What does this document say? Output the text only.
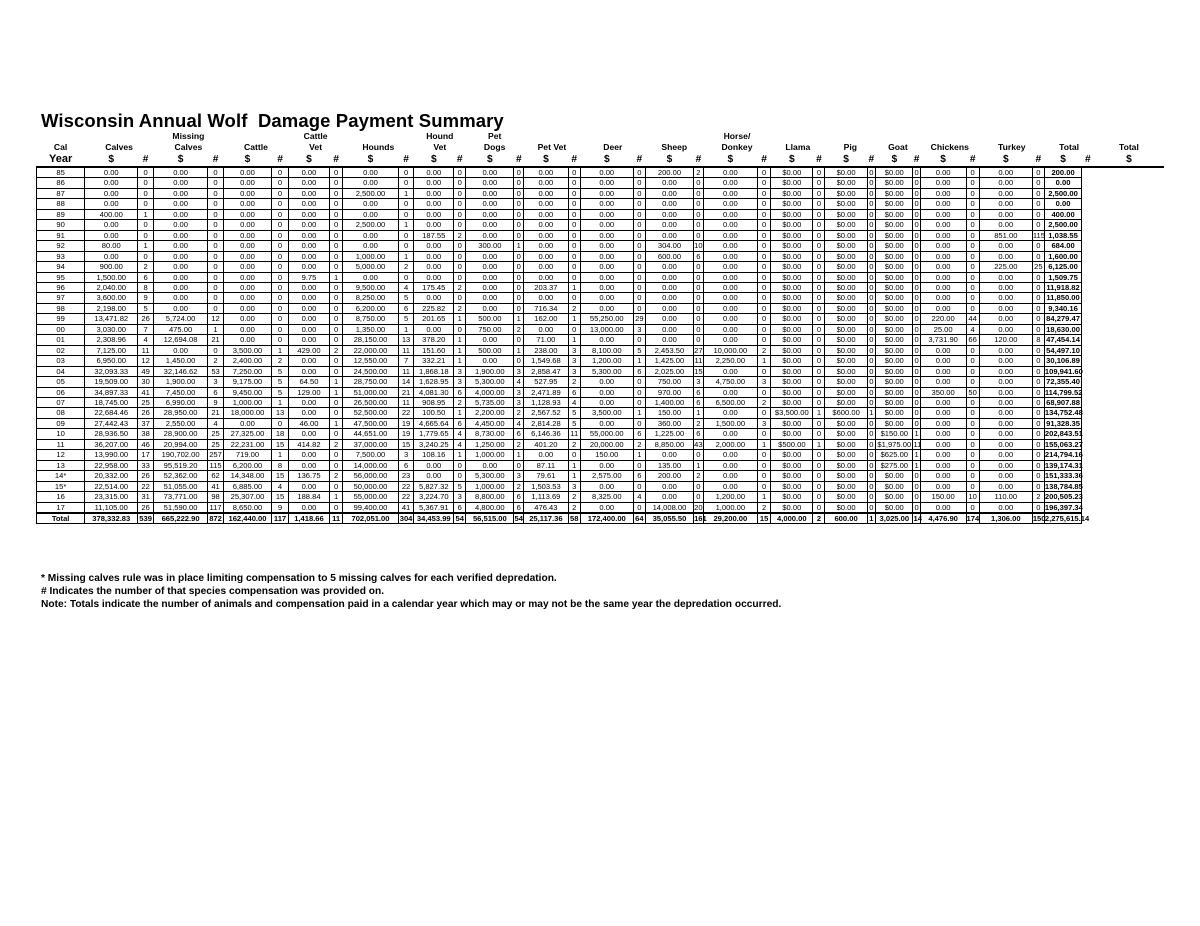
Wisconsin Annual Wolf  Damage Payment Summary
			Missing				Cattle				Hound		Pet								Horse/														
Cal	Calves		Calves		Cattle		Vet		Hounds		Vet		Dogs		Pet Vet		Deer		Sheep		Donkey		Llama		Pig		Goat		Chickens		Turkey		Total		Total
Year	$	#	$	#	$	#	$	#	$	#	$	#	$	#	$	#	$	#	$	#	$	#	$	#	$	#	$	#	$	#	$	#	$	#	$
85	0.00	0	0.00	0	0.00	0	0.00	0	0.00	0	0.00	0	0.00	0	0.00	0	0.00	0	200.00	2	0.00	0	$0.00	0	$0.00	0	$0.00	0	0.00	0	0.00	0	200.00		
86	0.00	0	0.00	0	0.00	0	0.00	0	0.00	0	0.00	0	0.00	0	0.00	0	0.00	0	0.00	0	0.00	0	$0.00	0	$0.00	0	$0.00	0	0.00	0	0.00	0	0.00		
87	0.00	0	0.00	0	0.00	0	0.00	0	2,500.00	1	0.00	0	0.00	0	0.00	0	0.00	0	0.00	0	0.00	0	$0.00	0	$0.00	0	$0.00	0	0.00	0	0.00	0	2,500.00		
88	0.00	0	0.00	0	0.00	0	0.00	0	0.00	0	0.00	0	0.00	0	0.00	0	0.00	0	0.00	0	0.00	0	$0.00	0	$0.00	0	$0.00	0	0.00	0	0.00	0	0.00		
89	400.00	1	0.00	0	0.00	0	0.00	0	0.00	0	0.00	0	0.00	0	0.00	0	0.00	0	0.00	0	0.00	0	$0.00	0	$0.00	0	$0.00	0	0.00	0	0.00	0	400.00		
90	0.00	0	0.00	0	0.00	0	0.00	0	2,500.00	1	0.00	0	0.00	0	0.00	0	0.00	0	0.00	0	0.00	0	$0.00	0	$0.00	0	$0.00	0	0.00	0	0.00	0	2,500.00		
91	0.00	0	0.00	0	0.00	0	0.00	0	0.00	0	187.55	2	0.00	0	0.00	0	0.00	0	0.00	0	0.00	0	$0.00	0	$0.00	0	$0.00	0	0.00	0	851.00	115	1,038.55		
92	80.00	1	0.00	0	0.00	0	0.00	0	0.00	0	0.00	0	300.00	1	0.00	0	0.00	0	304.00	10	0.00	0	$0.00	0	$0.00	0	$0.00	0	0.00	0	0.00	0	684.00		
93	0.00	0	0.00	0	0.00	0	0.00	0	1,000.00	1	0.00	0	0.00	0	0.00	0	0.00	0	600.00	6	0.00	0	$0.00	0	$0.00	0	$0.00	0	0.00	0	0.00	0	1,600.00		
94	900.00	2	0.00	0	0.00	0	0.00	0	5,000.00	2	0.00	0	0.00	0	0.00	0	0.00	0	0.00	0	0.00	0	$0.00	0	$0.00	0	$0.00	0	0.00	0	225.00	25	6,125.00		
95	1,500.00	6	0.00	0	0.00	0	9.75	1	0.00	0	0.00	0	0.00	0	0.00	0	0.00	0	0.00	0	0.00	0	$0.00	0	$0.00	0	$0.00	0	0.00	0	0.00	0	1,509.75		
96	2,040.00	8	0.00	0	0.00	0	0.00	0	9,500.00	4	175.45	2	0.00	0	203.37	1	0.00	0	0.00	0	0.00	0	$0.00	0	$0.00	0	$0.00	0	0.00	0	0.00	0	11,918.82		
97	3,600.00	9	0.00	0	0.00	0	0.00	0	8,250.00	5	0.00	0	0.00	0	0.00	0	0.00	0	0.00	0	0.00	0	$0.00	0	$0.00	0	$0.00	0	0.00	0	0.00	0	11,850.00		
98	2,198.00	5	0.00	0	0.00	0	0.00	0	6,200.00	6	225.82	2	0.00	0	716.34	2	0.00	0	0.00	0	0.00	0	$0.00	0	$0.00	0	$0.00	0	0.00	0	0.00	0	9,340.16		
99	13,471.82	26	5,724.00	12	0.00	0	0.00	0	8,750.00	5	201.65	1	500.00	1	162.00	1	55,250.00	29	0.00	0	0.00	0	$0.00	0	$0.00	0	$0.00	0	220.00	44	0.00	0	84,279.47		
00	3,030.00	7	475.00	1	0.00	0	0.00	0	1,350.00	1	0.00	0	750.00	2	0.00	0	13,000.00	3	0.00	0	0.00	0	$0.00	0	$0.00	0	$0.00	0	25.00	4	0.00	0	18,630.00		
01	2,308.96	4	12,694.08	21	0.00	0	0.00	0	28,150.00	13	378.20	1	0.00	0	71.00	1	0.00	0	0.00	0	0.00	0	$0.00	0	$0.00	0	$0.00	0	3,731.90	66	120.00	8	47,454.14		
02	7,125.00	11	0.00	0	3,500.00	1	429.00	2	22,000.00	11	151.60	1	500.00	1	238.00	3	8,100.00	5	2,453.50	27	10,000.00	2	$0.00	0	$0.00	0	$0.00	0	0.00	0	0.00	0	54,497.10		
03	6,950.00	12	1,450.00	2	2,400.00	2	0.00	0	12,550.00	7	332.21	1	0.00	0	1,549.68	3	1,200.00	1	1,425.00	11	2,250.00	1	$0.00	0	$0.00	0	$0.00	0	0.00	0	0.00	0	30,106.89		
04	32,093.33	49	32,146.62	53	7,250.00	5	0.00	0	24,500.00	11	1,868.18	3	1,900.00	3	2,858.47	3	5,300.00	6	2,025.00	15	0.00	0	$0.00	0	$0.00	0	$0.00	0	0.00	0	0.00	0	109,941.60		
05	19,509.00	30	1,900.00	3	9,175.00	5	64.50	1	28,750.00	14	1,628.95	3	5,300.00	4	527.95	2	0.00	0	750.00	3	4,750.00	3	$0.00	0	$0.00	0	$0.00	0	0.00	0	0.00	0	72,355.40		
06	34,897.33	41	7,450.00	6	9,450.00	5	129.00	1	51,000.00	21	4,081.30	6	4,000.00	3	2,471.89	6	0.00	0	970.00	6	0.00	0	$0.00	0	$0.00	0	$0.00	0	350.00	50	0.00	0	114,799.52		
07	18,745.00	25	6,990.00	9	1,000.00	1	0.00	0	26,500.00	11	908.95	2	5,735.00	3	1,128.93	4	0.00	0	1,400.00	6	6,500.00	2	$0.00	0	$0.00	0	$0.00	0	0.00	0	0.00	0	68,907.88		
08	22,684.46	26	28,950.00	21	18,000.00	13	0.00	0	52,500.00	22	100.50	1	2,200.00	2	2,567.52	5	3,500.00	1	150.00	1	0.00	0	$3,500.00	1	$600.00	1	$0.00	0	0.00	0	0.00	0	134,752.48		
09	27,442.43	37	2,550.00	4	0.00	0	46.00	1	47,500.00	19	4,665.64	6	4,450.00	4	2,814.28	5	0.00	0	360.00	2	1,500.00	3	$0.00	0	$0.00	0	$0.00	0	0.00	0	0.00	0	91,328.35		
10	28,936.50	38	28,900.00	25	27,325.00	18	0.00	0	44,651.00	19	1,779.65	4	8,730.00	6	6,146.36	11	55,000.00	6	1,225.00	6	0.00	0	$0.00	0	$0.00	0	$150.00	1	0.00	0	0.00	0	202,843.51		
11	36,207.00	46	20,994.00	25	22,231.00	15	414.82	2	37,000.00	15	3,240.25	4	1,250.00	2	401.20	2	20,000.00	2	8,850.00	43	2,000.00	1	$500.00	1	$0.00	0	$1,975.00	11	0.00	0	0.00	0	155,063.27		
12	13,990.00	17	190,702.00	257	719.00	1	0.00	0	7,500.00	3	108.16	1	1,000.00	1	0.00	0	150.00	1	0.00	0	0.00	0	$0.00	0	$0.00	0	$625.00	1	0.00	0	0.00	0	214,794.16		
13	22,958.00	33	95,519.20	115	6,200.00	8	0.00	0	14,000.00	6	0.00	0	0.00	0	87.11	1	0.00	0	135.00	1	0.00	0	$0.00	0	$0.00	0	$275.00	1	0.00	0	0.00	0	139,174.31		
14*	20,332.00	26	52,362.00	62	14,348.00	15	136.75	2	56,000.00	23	0.00	0	5,300.00	3	79.61	1	2,575.00	6	200.00	2	0.00	0	$0.00	0	$0.00	0	$0.00	0	0.00	0	0.00	0	151,333.36		
15*	22,514.00	22	51,055.00	41	6,885.00	4	0.00	0	50,000.00	22	5,827.32	5	1,000.00	2	1,503.53	3	0.00	0	0.00	0	0.00	0	$0.00	0	$0.00	0	$0.00	0	0.00	0	0.00	0	138,784.85		
16	23,315.00	31	73,771.00	98	25,307.00	15	188.84	1	55,000.00	22	3,224.70	3	8,800.00	6	1,113.69	2	8,325.00	4	0.00	0	1,200.00	1	$0.00	0	$0.00	0	$0.00	0	150.00	10	110.00	2	200,505.23		
17	11,105.00	26	51,590.00	117	8,650.00	9	0.00	0	99,400.00	41	5,367.91	6	4,800.00	6	476.43	2	0.00	0	14,008.00	20	1,000.00	2	$0.00	0	$0.00	0	$0.00	0	0.00	0	0.00	0	196,397.34		
Total	378,332.83	539	665,222.90	872	162,440.00	117	1,418.66	11	702,051.00	304	34,453.99	54	56,515.00	54	25,117.36	58	172,400.00	64	35,055.50	161	29,200.00	15	4,000.00	2	600.00	1	3,025.00	14	4,476.90	174	1,306.00	150	2,275,615.14		
* Missing calves rule was in place limiting compensation to 5 missing calves for each verified depredation.
# Indicates the number of that species compensation was provided on.
Note: Totals indicate the number of animals and compensation paid in a calendar year which may or may not be the same year the depredation occurred.
